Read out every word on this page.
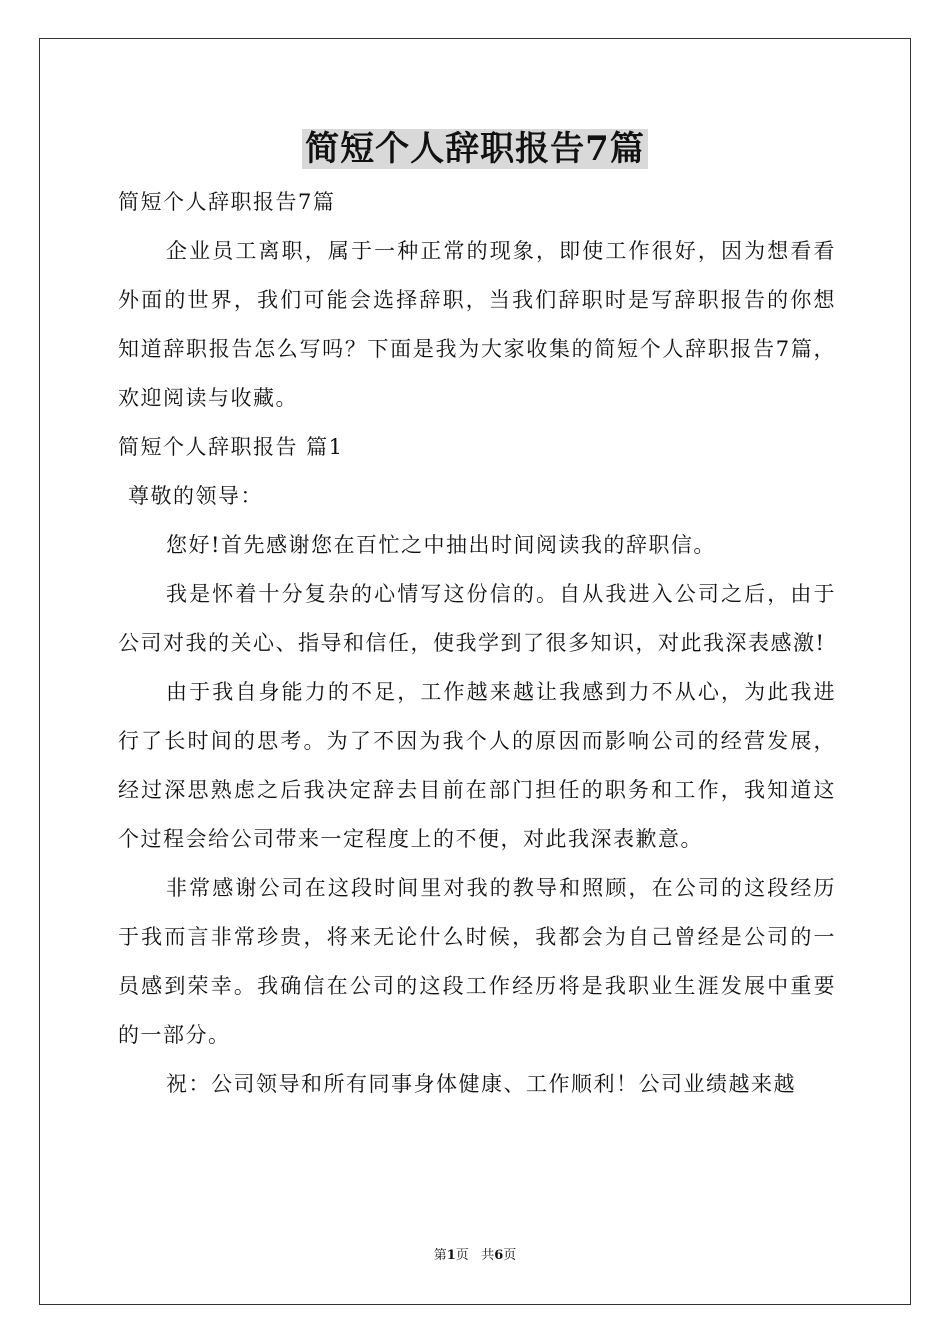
简短个人辞职报告7篇

简短个人辞职报告7篇

企业员工离职，属于一种正常的现象，即使工作很好，因为想看看外面的世界，我们可能会选择辞职，当我们辞职时是写辞职报告的你想知道辞职报告怎么写吗？下面是我为大家收集的简短个人辞职报告7篇，欢迎阅读与收藏。

简短个人辞职报告 篇1

尊敬的领导：

您好!首先感谢您在百忙之中抽出时间阅读我的辞职信。

我是怀着十分复杂的心情写这份信的。自从我进入公司之后，由于公司对我的关心、指导和信任，使我学到了很多知识，对此我深表感激!

由于我自身能力的不足，工作越来越让我感到力不从心，为此我进行了长时间的思考。为了不因为我个人的原因而影响公司的经营发展，经过深思熟虑之后我决定辞去目前在部门担任的职务和工作，我知道这个过程会给公司带来一定程度上的不便，对此我深表歉意。

非常感谢公司在这段时间里对我的教导和照顾，在公司的这段经历于我而言非常珍贵，将来无论什么时候，我都会为自己曾经是公司的一员感到荣幸。我确信在公司的这段工作经历将是我职业生涯发展中重要的一部分。

祝：公司领导和所有同事身体健康、工作顺利！公司业绩越来越

第1页 共6页
